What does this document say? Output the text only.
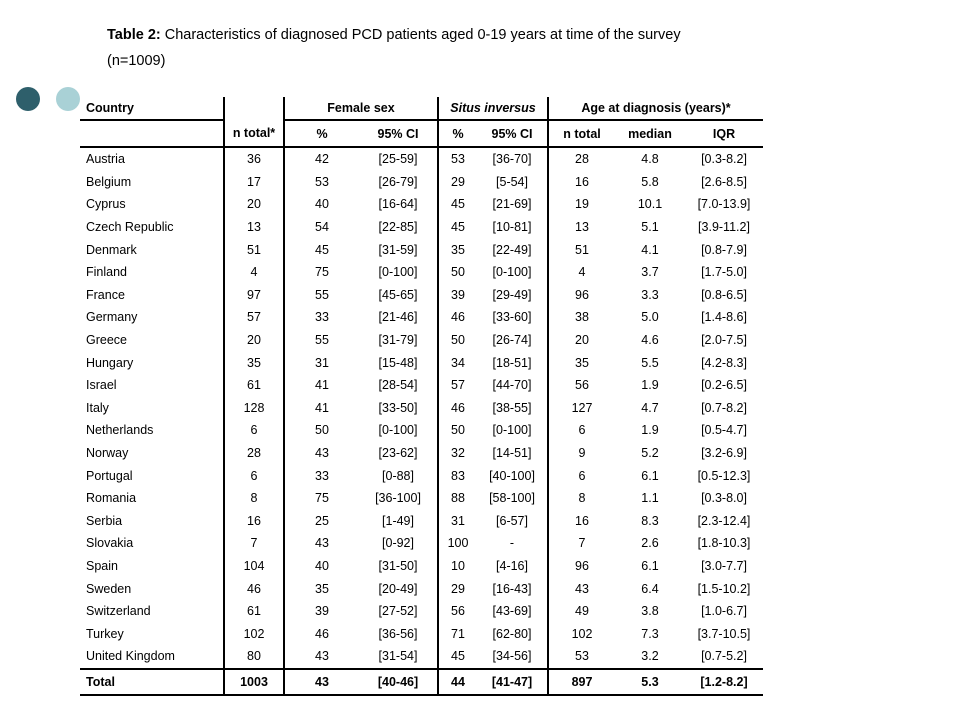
Table 2: Characteristics of diagnosed PCD patients aged 0-19 years at time of the survey
(n=1009)
Country		Female sex		Situs inversus		Age at diagnosis (years)*		
	n total*	%	95% CI	%	95% CI	n total	median	IQR
Austria	36	42	[25-59]	53	[36-70]	28	4.8	[0.3-8.2]
Belgium	17	53	[26-79]	29	[5-54]	16	5.8	[2.6-8.5]
Cyprus	20	40	[16-64]	45	[21-69]	19	10.1	[7.0-13.9]
Czech Republic	13	54	[22-85]	45	[10-81]	13	5.1	[3.9-11.2]
Denmark	51	45	[31-59]	35	[22-49]	51	4.1	[0.8-7.9]
Finland	4	75	[0-100]	50	[0-100]	4	3.7	[1.7-5.0]
France	97	55	[45-65]	39	[29-49]	96	3.3	[0.8-6.5]
Germany	57	33	[21-46]	46	[33-60]	38	5.0	[1.4-8.6]
Greece	20	55	[31-79]	50	[26-74]	20	4.6	[2.0-7.5]
Hungary	35	31	[15-48]	34	[18-51]	35	5.5	[4.2-8.3]
Israel	61	41	[28-54]	57	[44-70]	56	1.9	[0.2-6.5]
Italy	128	41	[33-50]	46	[38-55]	127	4.7	[0.7-8.2]
Netherlands	6	50	[0-100]	50	[0-100]	6	1.9	[0.5-4.7]
Norway	28	43	[23-62]	32	[14-51]	9	5.2	[3.2-6.9]
Portugal	6	33	[0-88]	83	[40-100]	6	6.1	[0.5-12.3]
Romania	8	75	[36-100]	88	[58-100]	8	1.1	[0.3-8.0]
Serbia	16	25	[1-49]	31	[6-57]	16	8.3	[2.3-12.4]
Slovakia	7	43	[0-92]	100	-	7	2.6	[1.8-10.3]
Spain	104	40	[31-50]	10	[4-16]	96	6.1	[3.0-7.7]
Sweden	46	35	[20-49]	29	[16-43]	43	6.4	[1.5-10.2]
Switzerland	61	39	[27-52]	56	[43-69]	49	3.8	[1.0-6.7]
Turkey	102	46	[36-56]	71	[62-80]	102	7.3	[3.7-10.5]
United Kingdom	80	43	[31-54]	45	[34-56]	53	3.2	[0.7-5.2]
Total	1003	43	[40-46]	44	[41-47]	897	5.3	[1.2-8.2]
